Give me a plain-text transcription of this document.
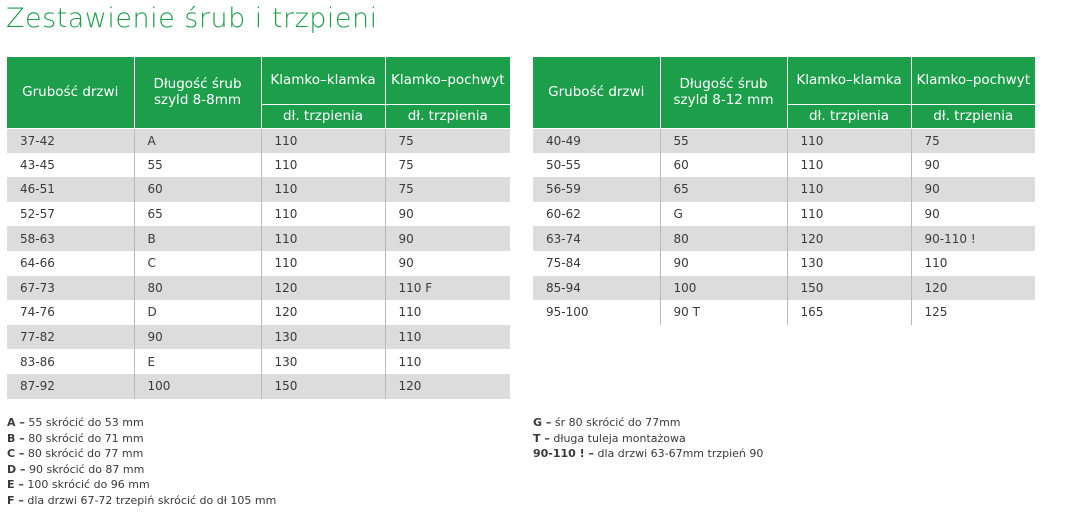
Zestawienie śrub i trzpieni
Grubość drzwi	Długość śrub szyld 8-8mm	Klamko–klamka	Klamko–pochwyt
		dł. trzpienia	dł. trzpienia
37-42	A	110	75
43-45	55	110	75
46-51	60	110	75
52-57	65	110	90
58-63	B	110	90
64-66	C	110	90
67-73	80	120	110 F
74-76	D	120	110
77-82	90	130	110
83-86	E	130	110
87-92	100	150	120
Grubość drzwi	Długość śrub szyld 8-12 mm	Klamko–klamka	Klamko–pochwyt
		dł. trzpienia	dł. trzpienia
40-49	55	110	75
50-55	60	110	90
56-59	65	110	90
60-62	G	110	90
63-74	80	120	90-110 !
75-84	90	130	110
85-94	100	150	120
95-100	90 T	165	125
A – 55 skrócić do 53 mm
B – 80 skrócić do 71 mm
C – 80 skrócić do 77 mm
D – 90 skrócić do 87 mm
E – 100 skrócić do 96 mm
F – dla drzwi 67-72 trzepiń skrócić do dł 105 mm
G – śr 80 skrócić do 77mm
T – długa tuleja montażowa
90-110 ! – dla drzwi 63-67mm trzpień 90
